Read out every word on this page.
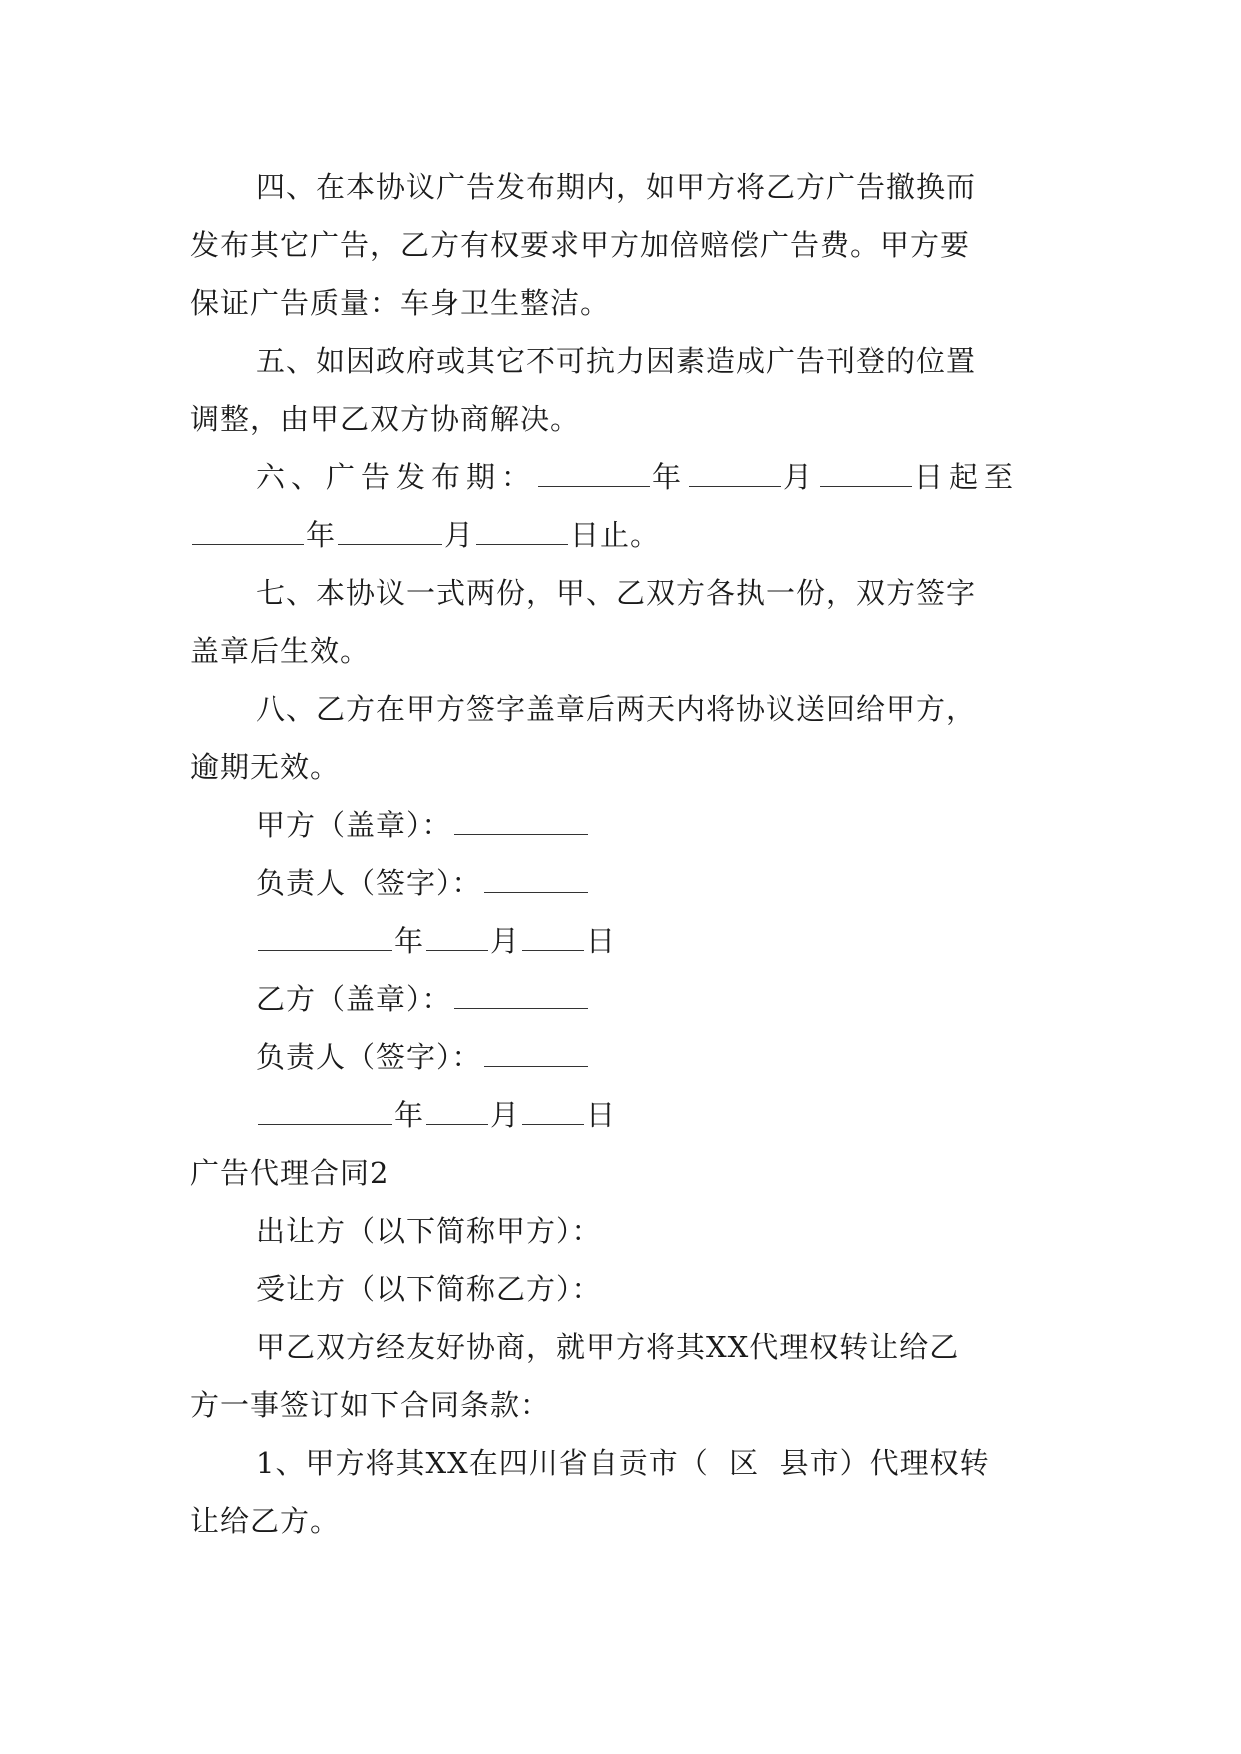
四、在本协议广告发布期内，如甲方将乙方广告撤换而
发布其它广告，乙方有权要求甲方加倍赔偿广告费。甲方要
保证广告质量：车身卫生整洁。
五、如因政府或其它不可抗力因素造成广告刊登的位置
调整，由甲乙双方协商解决。
六、广告发布期：	年	月	日起至
年	月	日止。
七、本协议一式两份，甲、乙双方各执一份，双方签字
盖章后生效。
八、乙方在甲方签字盖章后两天内将协议送回给甲方，
逾期无效。
甲方（盖章）：
负责人（签字）：
年 月 日
乙方（盖章）：
负责人（签字）：
年 月 日
广告代理合同2
出让方（以下简称甲方）：
受让方（以下简称乙方）：
甲乙双方经友好协商，就甲方将其XX代理权转让给乙
方一事签订如下合同条款：
1、甲方将其XX在四川省自贡市（  区  县市）代理权转
让给乙方。
